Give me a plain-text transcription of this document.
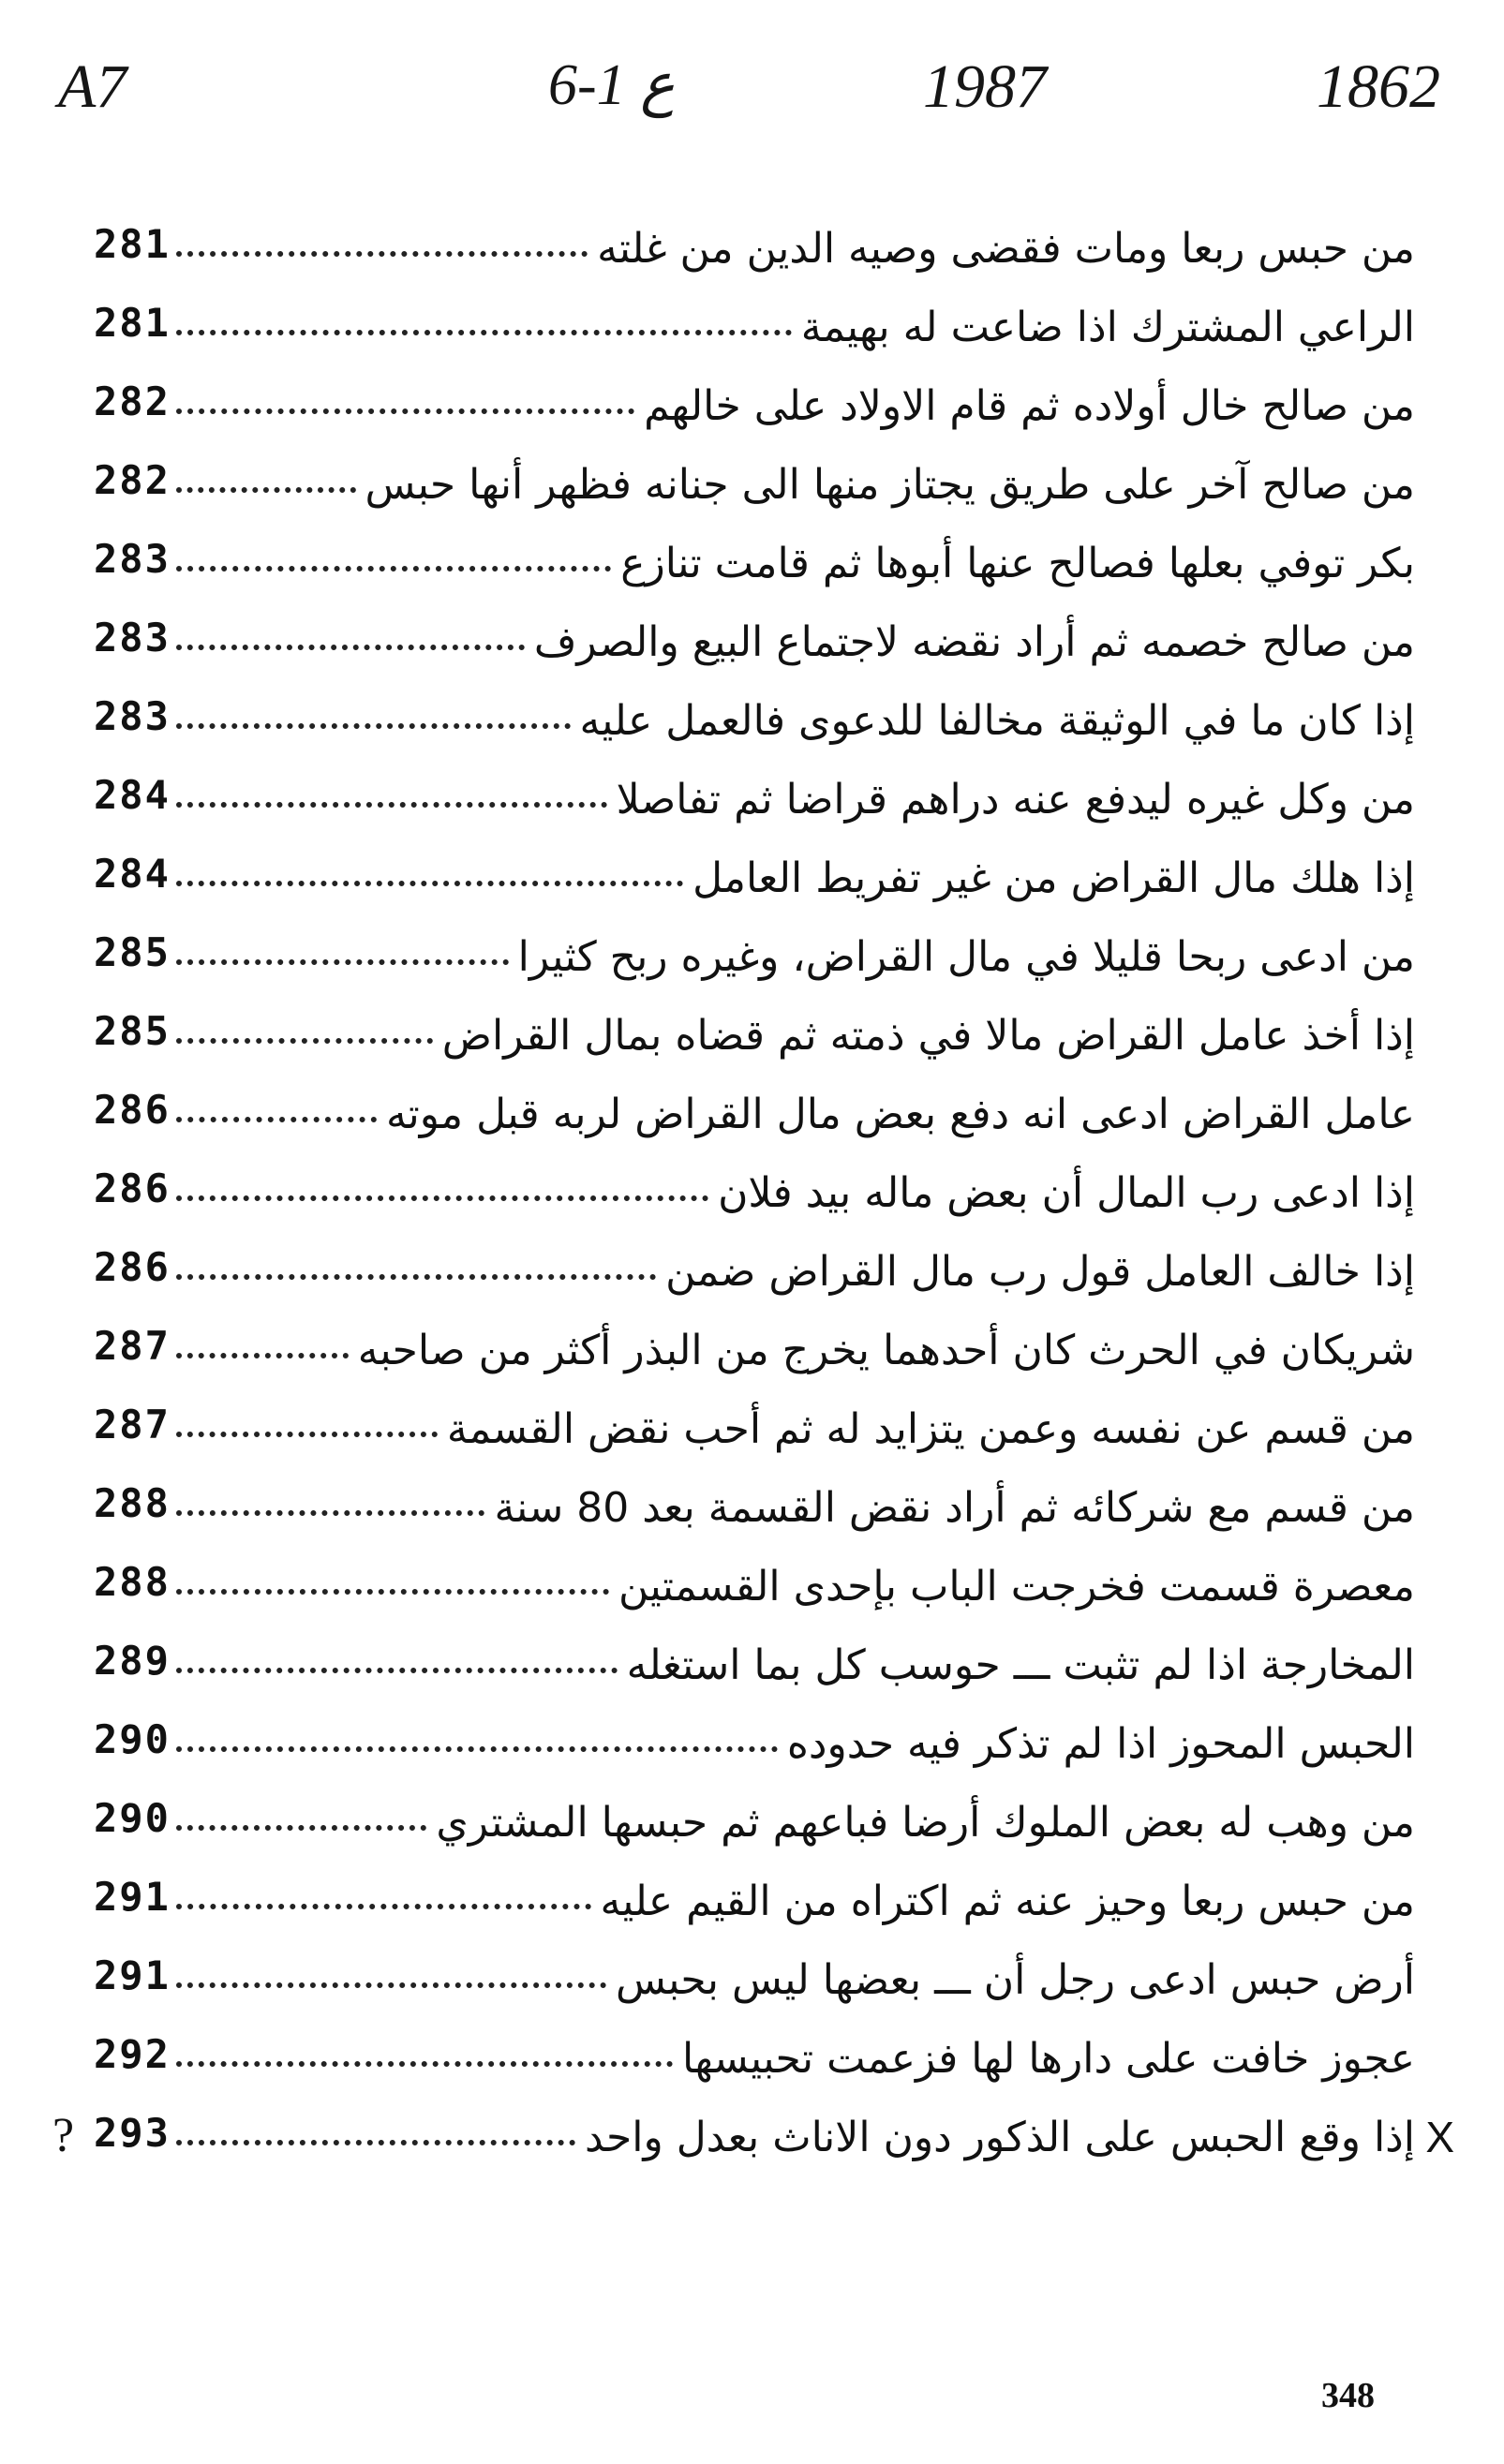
A7	6-1 ع	1987	1862
281	من حبس ربعا ومات فقضى وصيه الدين من غلته
281	الراعي المشترك اذا ضاعت له بهيمة
282	من صالح خال أولاده ثم قام الاولاد على خالهم
282	من صالح آخر على طريق يجتاز منها الى جنانه فظهر أنها حبس
283	بكر توفي بعلها فصالح عنها أبوها ثم قامت تنازع
283	من صالح خصمه ثم أراد نقضه لاجتماع البيع والصرف
283	إذا كان ما في الوثيقة مخالفا للدعوى فالعمل عليه
284	من وكل غيره ليدفع عنه دراهم قراضا ثم تفاصلا
284	إذا هلك مال القراض من غير تفريط العامل
285	من ادعى ربحا قليلا في مال القراض، وغيره ربح كثيرا
285	إذا أخذ عامل القراض مالا في ذمته ثم قضاه بمال القراض
286	عامل القراض ادعى انه دفع بعض مال القراض لربه قبل موته
286	إذا ادعى رب المال أن بعض ماله بيد فلان
286	إذا خالف العامل قول رب مال القراض ضمن
287	شريكان في الحرث كان أحدهما يخرج من البذر أكثر من صاحبه
287	من قسم عن نفسه وعمن يتزايد له ثم أحب نقض القسمة
288	من قسم مع شركائه ثم أراد نقض القسمة بعد 80 سنة
288	معصرة قسمت فخرجت الباب بإحدى القسمتين
289	المخارجة اذا لم تثبت ـــ حوسب كل بما استغله
290	الحبس المحوز اذا لم تذكر فيه حدوده
290	من وهب له بعض الملوك أرضا فباعهم ثم حبسها المشتري
291	من حبس ربعا وحيز عنه ثم اكتراه من القيم عليه
291	أرض حبس ادعى رجل أن ـــ بعضها ليس بحبس
292	عجوز خافت على دارها لها فزعمت تحبيسها
293	إذا وقع الحبس على الذكور دون الاناث بعدل واحد X
?
348
